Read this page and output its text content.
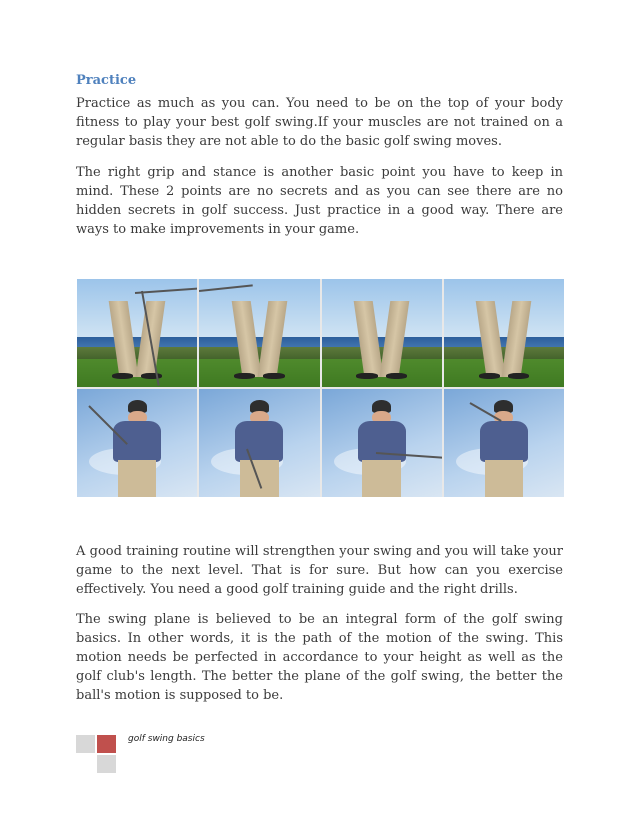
Practice

Practice as much as you can. You need to be on the top of your body fitness to play your best golf swing.If your muscles are not trained on a regular basis they are not able to do the basic golf swing moves.

The right grip and stance is another basic point you have to keep in mind. These 2 points are no secrets and as you can see there are no hidden secrets in golf success. Just practice in a good way. There are ways to make improvements in your game.

A good training routine will strengthen your swing and you will take your game to the next level. That is for sure. But how can you exercise effectively. You need a good golf training guide and the right drills.

The swing plane is believed to be an integral form of the golf swing basics. In other words, it is the path of the motion of the swing. This motion needs be perfected in accordance to your height as well as the golf club's length. The better the plane of the golf swing, the better the ball's motion is supposed to be.

golf swing basics
